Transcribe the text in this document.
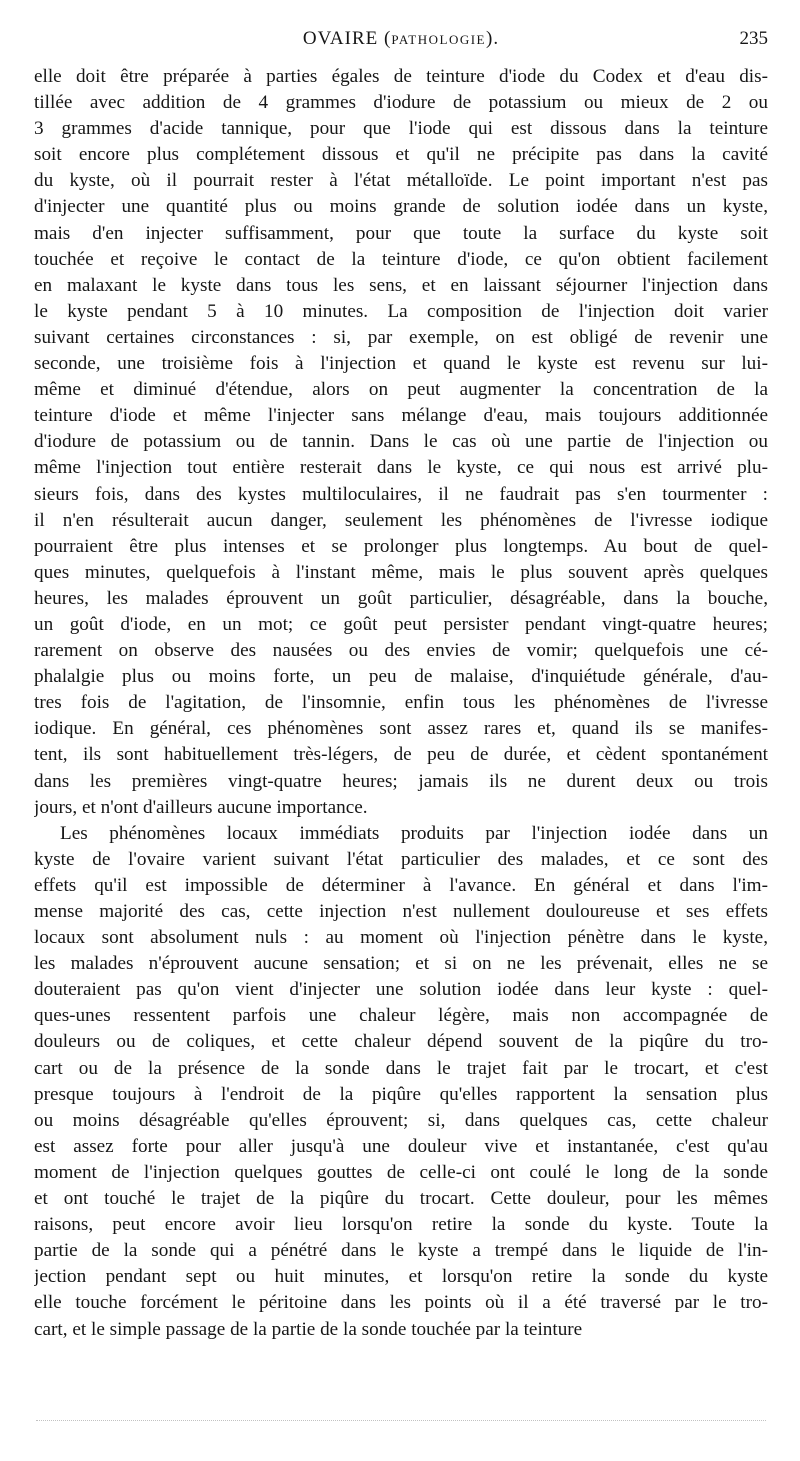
OVAIRE (PATHOLOGIE).	235
elle doit être préparée à parties égales de teinture d'iode du Codex et d'eau dis-
tillée avec addition de 4 grammes d'iodure de potassium ou mieux de 2 ou
3 grammes d'acide tannique, pour que l'iode qui est dissous dans la teinture
soit encore plus complétement dissous et qu'il ne précipite pas dans la cavité
du kyste, où il pourrait rester à l'état métalloïde. Le point important n'est pas
d'injecter une quantité plus ou moins grande de solution iodée dans un kyste,
mais d'en injecter suffisamment, pour que toute la surface du kyste soit
touchée et reçoive le contact de la teinture d'iode, ce qu'on obtient facilement
en malaxant le kyste dans tous les sens, et en laissant séjourner l'injection dans
le kyste pendant 5 à 10 minutes. La composition de l'injection doit varier
suivant certaines circonstances : si, par exemple, on est obligé de revenir une
seconde, une troisième fois à l'injection et quand le kyste est revenu sur lui-
même et diminué d'étendue, alors on peut augmenter la concentration de la
teinture d'iode et même l'injecter sans mélange d'eau, mais toujours additionnée
d'iodure de potassium ou de tannin. Dans le cas où une partie de l'injection ou
même l'injection tout entière resterait dans le kyste, ce qui nous est arrivé plu-
sieurs fois, dans des kystes multiloculaires, il ne faudrait pas s'en tourmenter :
il n'en résulterait aucun danger, seulement les phénomènes de l'ivresse iodique
pourraient être plus intenses et se prolonger plus longtemps. Au bout de quel-
ques minutes, quelquefois à l'instant même, mais le plus souvent après quelques
heures, les malades éprouvent un goût particulier, désagréable, dans la bouche,
un goût d'iode, en un mot; ce goût peut persister pendant vingt-quatre heures;
rarement on observe des nausées ou des envies de vomir; quelquefois une cé-
phalalgie plus ou moins forte, un peu de malaise, d'inquiétude générale, d'au-
tres fois de l'agitation, de l'insomnie, enfin tous les phénomènes de l'ivresse
iodique. En général, ces phénomènes sont assez rares et, quand ils se manifes-
tent, ils sont habituellement très-légers, de peu de durée, et cèdent spontanément
dans les premières vingt-quatre heures; jamais ils ne durent deux ou trois
jours, et n'ont d'ailleurs aucune importance.
Les phénomènes locaux immédiats produits par l'injection iodée dans un
kyste de l'ovaire varient suivant l'état particulier des malades, et ce sont des
effets qu'il est impossible de déterminer à l'avance. En général et dans l'im-
mense majorité des cas, cette injection n'est nullement douloureuse et ses effets
locaux sont absolument nuls : au moment où l'injection pénètre dans le kyste,
les malades n'éprouvent aucune sensation; et si on ne les prévenait, elles ne se
douteraient pas qu'on vient d'injecter une solution iodée dans leur kyste : quel-
ques-unes ressentent parfois une chaleur légère, mais non accompagnée de
douleurs ou de coliques, et cette chaleur dépend souvent de la piqûre du tro-
cart ou de la présence de la sonde dans le trajet fait par le trocart, et c'est
presque toujours à l'endroit de la piqûre qu'elles rapportent la sensation plus
ou moins désagréable qu'elles éprouvent; si, dans quelques cas, cette chaleur
est assez forte pour aller jusqu'à une douleur vive et instantanée, c'est qu'au
moment de l'injection quelques gouttes de celle-ci ont coulé le long de la sonde
et ont touché le trajet de la piqûre du trocart. Cette douleur, pour les mêmes
raisons, peut encore avoir lieu lorsqu'on retire la sonde du kyste. Toute la
partie de la sonde qui a pénétré dans le kyste a trempé dans le liquide de l'in-
jection pendant sept ou huit minutes, et lorsqu'on retire la sonde du kyste
elle touche forcément le péritoine dans les points où il a été traversé par le tro-
cart, et le simple passage de la partie de la sonde touchée par la teinture
